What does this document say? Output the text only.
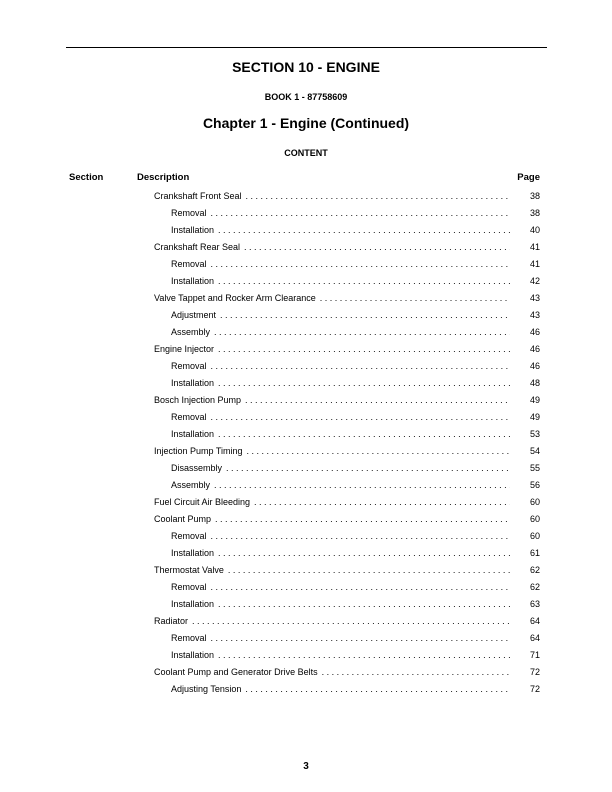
SECTION 10 - ENGINE
BOOK 1 - 87758609
Chapter 1 - Engine (Continued)
CONTENT
Section	Description	Page
Crankshaft Front Seal . . .	38
Removal . . .	38
Installation . . .	40
Crankshaft Rear Seal . . .	41
Removal . . .	41
Installation . . .	42
Valve Tappet and Rocker Arm Clearance . . .	43
Adjustment . . .	43
Assembly . . .	46
Engine Injector . . .	46
Removal . . .	46
Installation . . .	48
Bosch Injection Pump . . .	49
Removal . . .	49
Installation . . .	53
Injection Pump Timing . . .	54
Disassembly . . .	55
Assembly . . .	56
Fuel Circuit Air Bleeding . . .	60
Coolant Pump . . .	60
Removal . . .	60
Installation . . .	61
Thermostat Valve . . .	62
Removal . . .	62
Installation . . .	63
Radiator . . .	64
Removal . . .	64
Installation . . .	71
Coolant Pump and Generator Drive Belts . . .	72
Adjusting Tension . . .	72
3
